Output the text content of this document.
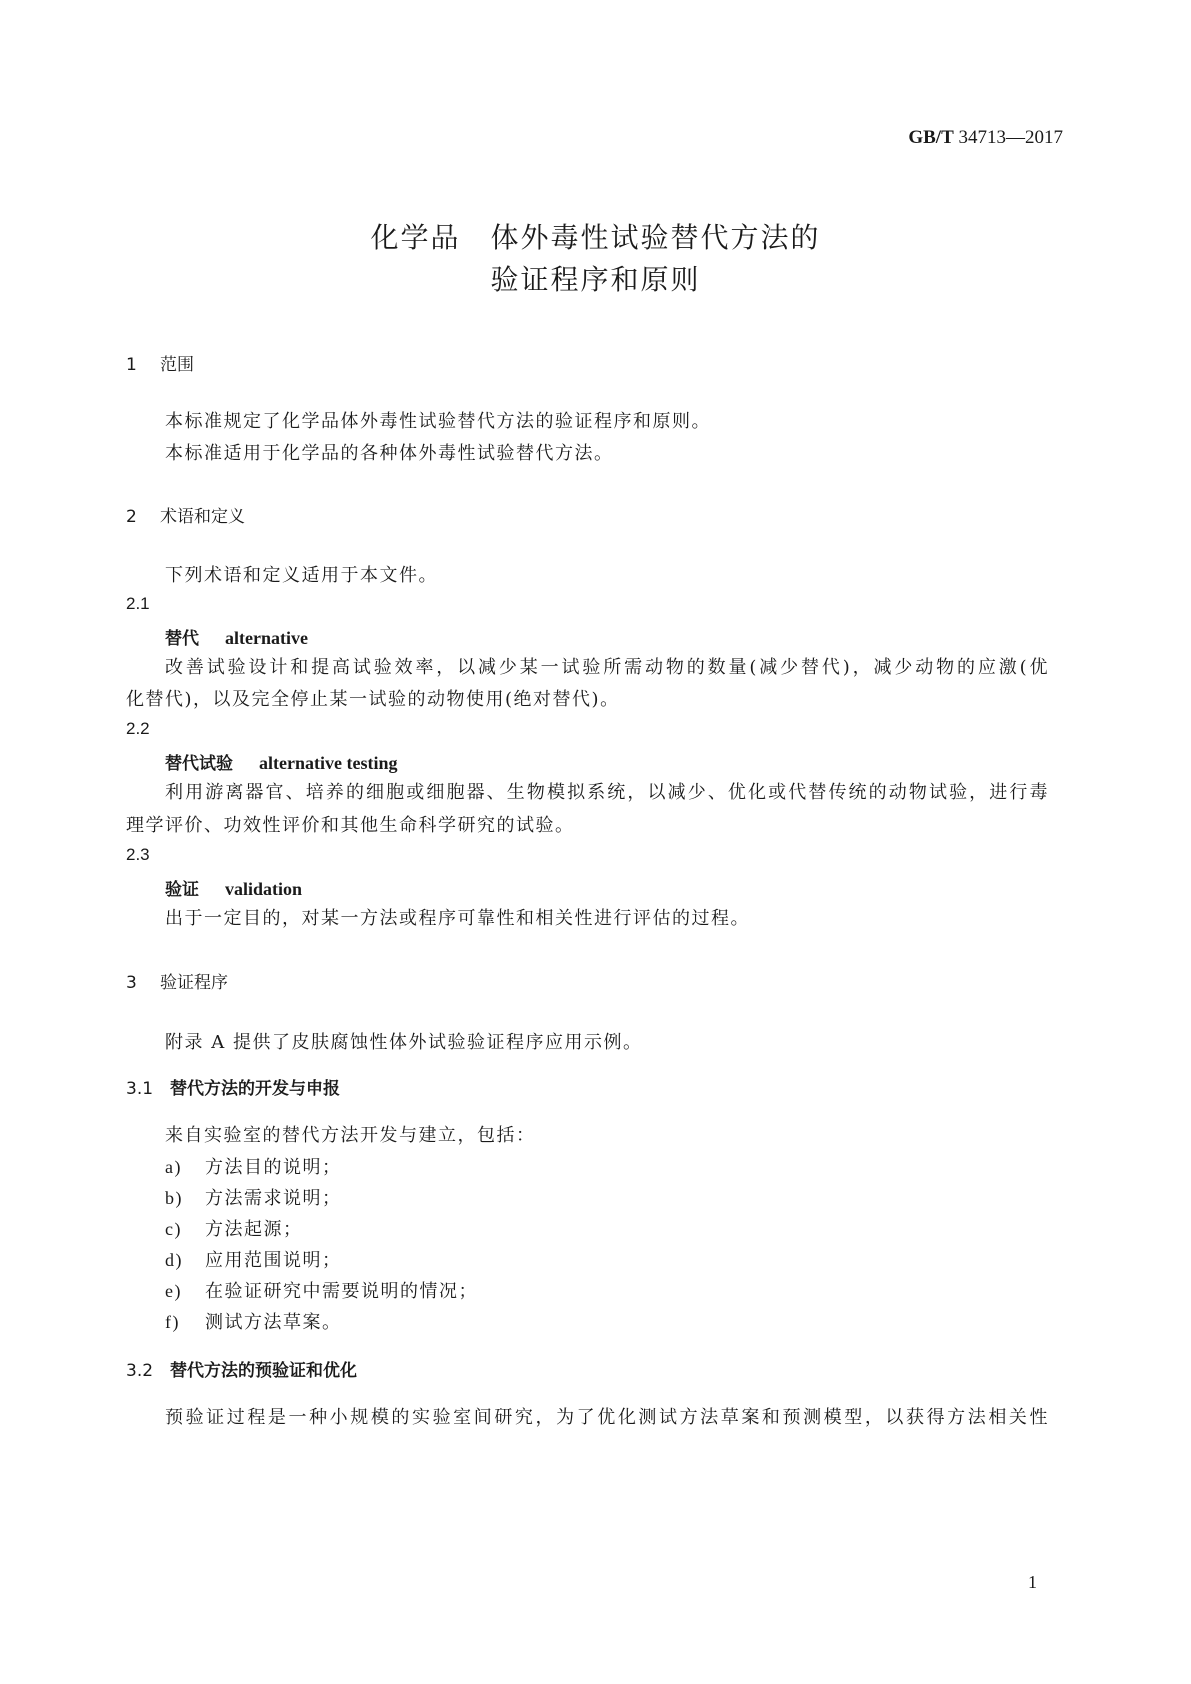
GB/T 34713—2017
化学品　体外毒性试验替代方法的
验证程序和原则
1 范围
本标准规定了化学品体外毒性试验替代方法的验证程序和原则。
本标准适用于化学品的各种体外毒性试验替代方法。
2 术语和定义
下列术语和定义适用于本文件。
2.1
替代 alternative
改善试验设计和提高试验效率，以减少某一试验所需动物的数量(减少替代)，减少动物的应激(优
化替代)，以及完全停止某一试验的动物使用(绝对替代)。
2.2
替代试验 alternative testing
利用游离器官、培养的细胞或细胞器、生物模拟系统，以减少、优化或代替传统的动物试验，进行毒
理学评价、功效性评价和其他生命科学研究的试验。
2.3
验证 validation
出于一定目的，对某一方法或程序可靠性和相关性进行评估的过程。
3 验证程序
附录 A 提供了皮肤腐蚀性体外试验验证程序应用示例。
3.1 替代方法的开发与申报
来自实验室的替代方法开发与建立，包括：
a) 方法目的说明；
b) 方法需求说明；
c) 方法起源；
d) 应用范围说明；
e) 在验证研究中需要说明的情况；
f) 测试方法草案。
3.2 替代方法的预验证和优化
预验证过程是一种小规模的实验室间研究，为了优化测试方法草案和预测模型，以获得方法相关性
1
